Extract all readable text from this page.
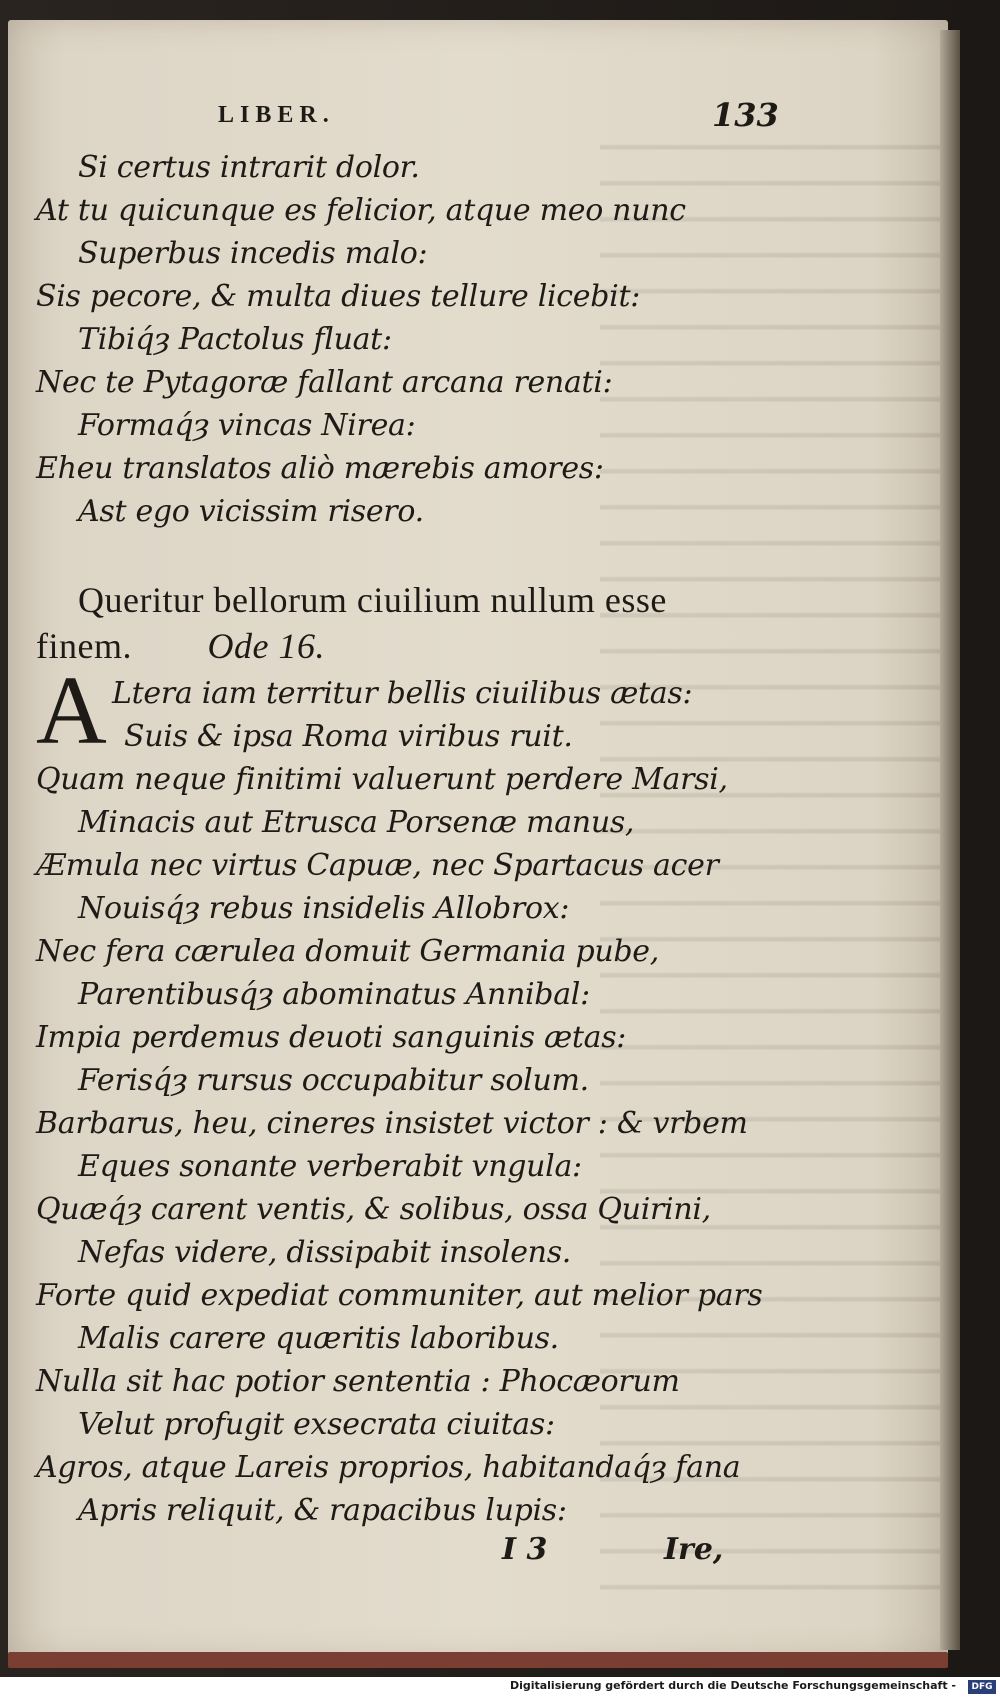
LIBER.	133
Si certus intrarit dolor.
At tu quicunque es felicior, atque meo nunc
Superbus incedis malo:
Sis pecore, & multa diues tellure licebit:
Tibiq́ȝ Pactolus fluat:
Nec te Pytagoræ fallant arcana renati:
Formaq́ȝ vincas Nirea:
Eheu translatos aliò mærebis amores:
Ast ego vicissim risero.
Queritur bellorum ciuilium nullum esse
finem. Ode 16.
A Ltera iam territur bellis ciuilibus ætas:
Suis & ipsa Roma viribus ruit.
Quam neque finitimi valuerunt perdere Marsi,
Minacis aut Etrusca Porsenæ manus,
Æmula nec virtus Capuæ, nec Spartacus acer
Nouisq́ȝ rebus insidelis Allobrox:
Nec fera cærulea domuit Germania pube,
Parentibusq́ȝ abominatus Annibal:
Impia perdemus deuoti sanguinis ætas:
Ferisq́ȝ rursus occupabitur solum.
Barbarus, heu, cineres insistet victor : & vrbem
Eques sonante verberabit vngula:
Quæq́ȝ carent ventis, & solibus, ossa Quirini,
Nefas videre, dissipabit insolens.
Forte quid expediat communiter, aut melior pars
Malis carere quæritis laboribus.
Nulla sit hac potior sententia : Phocæorum
Velut profugit exsecrata ciuitas:
Agros, atque Lareis proprios, habitandaq́ȝ fana
Apris reliquit, & rapacibus lupis:
I 3	Ire,
Digitalisierung gefördert durch die Deutsche Forschungsgemeinschaft -	DFG
